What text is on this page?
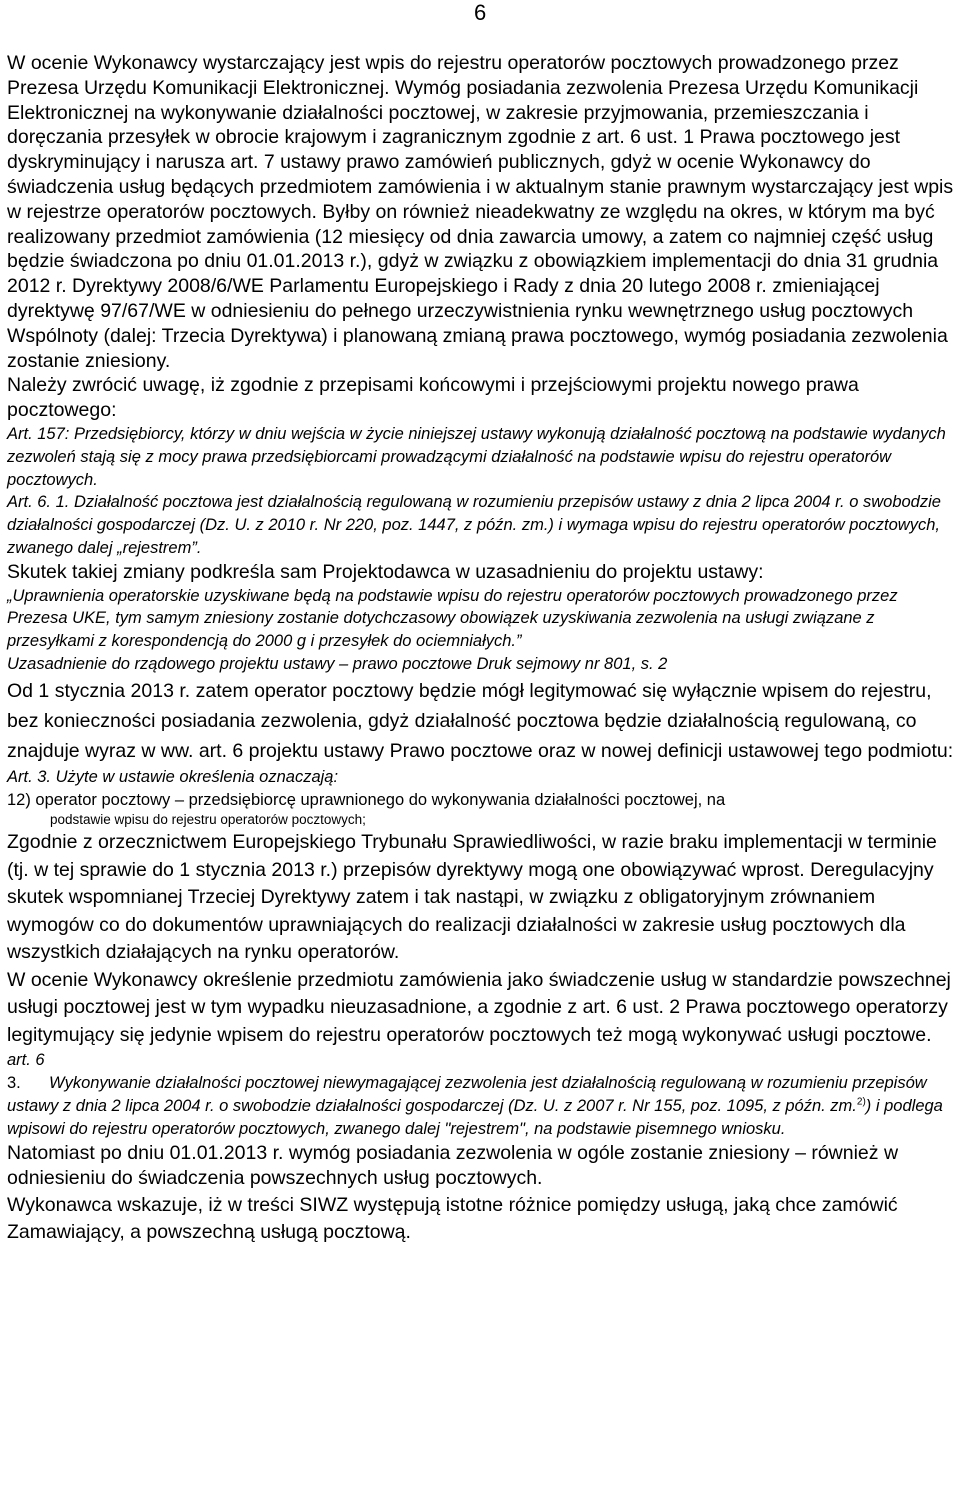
6

W ocenie Wykonawcy wystarczający jest wpis do rejestru operatorów pocztowych prowadzonego przez Prezesa Urzędu Komunikacji Elektronicznej. Wymóg posiadania zezwolenia Prezesa Urzędu Komunikacji Elektronicznej na wykonywanie działalności pocztowej, w zakresie przyjmowania, przemieszczania i doręczania przesyłek w obrocie krajowym i zagranicznym zgodnie z art. 6 ust. 1 Prawa pocztowego jest dyskryminujący i narusza art. 7 ustawy prawo zamówień publicznych, gdyż w ocenie Wykonawcy do świadczenia usług będących przedmiotem zamówienia i w aktualnym stanie prawnym wystarczający jest wpis w rejestrze operatorów pocztowych. Byłby on również nieadekwatny ze względu na okres, w którym ma być realizowany przedmiot zamówienia (12 miesięcy od dnia zawarcia umowy, a zatem co najmniej część usług będzie świadczona po dniu 01.01.2013 r.), gdyż w związku z obowiązkiem implementacji do dnia 31 grudnia 2012 r. Dyrektywy 2008/6/WE Parlamentu Europejskiego i Rady z dnia 20 lutego 2008 r. zmieniającej dyrektywę 97/67/WE w odniesieniu do pełnego urzeczywistnienia rynku wewnętrznego usług pocztowych Wspólnoty (dalej: Trzecia Dyrektywa) i planowaną zmianą prawa pocztowego, wymóg posiadania zezwolenia zostanie zniesiony.

Należy zwrócić uwagę, iż zgodnie z przepisami końcowymi i przejściowymi projektu nowego prawa pocztowego:

Art. 157: Przedsiębiorcy, którzy w dniu wejścia w życie niniejszej ustawy wykonują działalność pocztową na podstawie wydanych zezwoleń stają się z mocy prawa przedsiębiorcami prowadzącymi działalność na podstawie wpisu do rejestru operatorów pocztowych.

Art. 6. 1. Działalność pocztowa jest działalnością regulowaną w rozumieniu przepisów ustawy z dnia 2 lipca 2004 r. o swobodzie działalności gospodarczej (Dz. U. z 2010 r. Nr 220, poz. 1447, z późn. zm.) i wymaga wpisu do rejestru operatorów pocztowych, zwanego dalej „rejestrem”.

Skutek takiej zmiany podkreśla sam Projektodawca w uzasadnieniu do projektu ustawy:

„Uprawnienia operatorskie uzyskiwane będą na podstawie wpisu do rejestru operatorów pocztowych prowadzonego przez Prezesa UKE, tym samym zniesiony zostanie dotychczasowy obowiązek uzyskiwania zezwolenia na usługi związane z przesyłkami z korespondencją do 2000 g i przesyłek do ociemniałych.”

Uzasadnienie do rządowego projektu ustawy – prawo pocztowe Druk sejmowy nr 801, s. 2

Od 1 stycznia 2013 r. zatem operator pocztowy będzie mógł legitymować się wyłącznie wpisem do rejestru, bez konieczności posiadania zezwolenia, gdyż działalność pocztowa będzie działalnością regulowaną, co znajduje wyraz w ww. art. 6 projektu ustawy Prawo pocztowe oraz w nowej definicji ustawowej tego podmiotu:

Art. 3. Użyte w ustawie określenia oznaczają:

12) operator pocztowy – przedsiębiorcę uprawnionego do wykonywania działalności pocztowej, na

podstawie wpisu do rejestru operatorów pocztowych;

Zgodnie z orzecznictwem Europejskiego Trybunału Sprawiedliwości, w razie braku implementacji w terminie (tj. w tej sprawie do 1 stycznia 2013 r.) przepisów dyrektywy mogą one obowiązywać wprost. Deregulacyjny skutek wspomnianej Trzeciej Dyrektywy zatem i tak nastąpi, w związku z obligatoryjnym zrównaniem wymogów co do dokumentów uprawniających do realizacji działalności w zakresie usług pocztowych dla wszystkich działających na rynku operatorów.

W ocenie Wykonawcy określenie przedmiotu zamówienia jako świadczenie usług w standardzie powszechnej usługi pocztowej jest w tym wypadku nieuzasadnione, a zgodnie z art. 6 ust. 2 Prawa pocztowego operatorzy legitymujący się jedynie wpisem do rejestru operatorów pocztowych też mogą wykonywać usługi pocztowe.

art. 6

3. Wykonywanie działalności pocztowej niewymagającej zezwolenia jest działalnością regulowaną w rozumieniu przepisów ustawy z dnia 2 lipca 2004 r. o swobodzie działalności gospodarczej (Dz. U. z 2007 r. Nr 155, poz. 1095, z późn. zm.$^{2)}$) i podlega wpisowi do rejestru operatorów pocztowych, zwanego dalej "rejestrem", na podstawie pisemnego wniosku.

Natomiast po dniu 01.01.2013 r. wymóg posiadania zezwolenia w ogóle zostanie zniesiony – również w odniesieniu do świadczenia powszechnych usług pocztowych.

Wykonawca wskazuje, iż w treści SIWZ występują istotne różnice pomiędzy usługą, jaką chce zamówić Zamawiający, a powszechną usługą pocztową.
